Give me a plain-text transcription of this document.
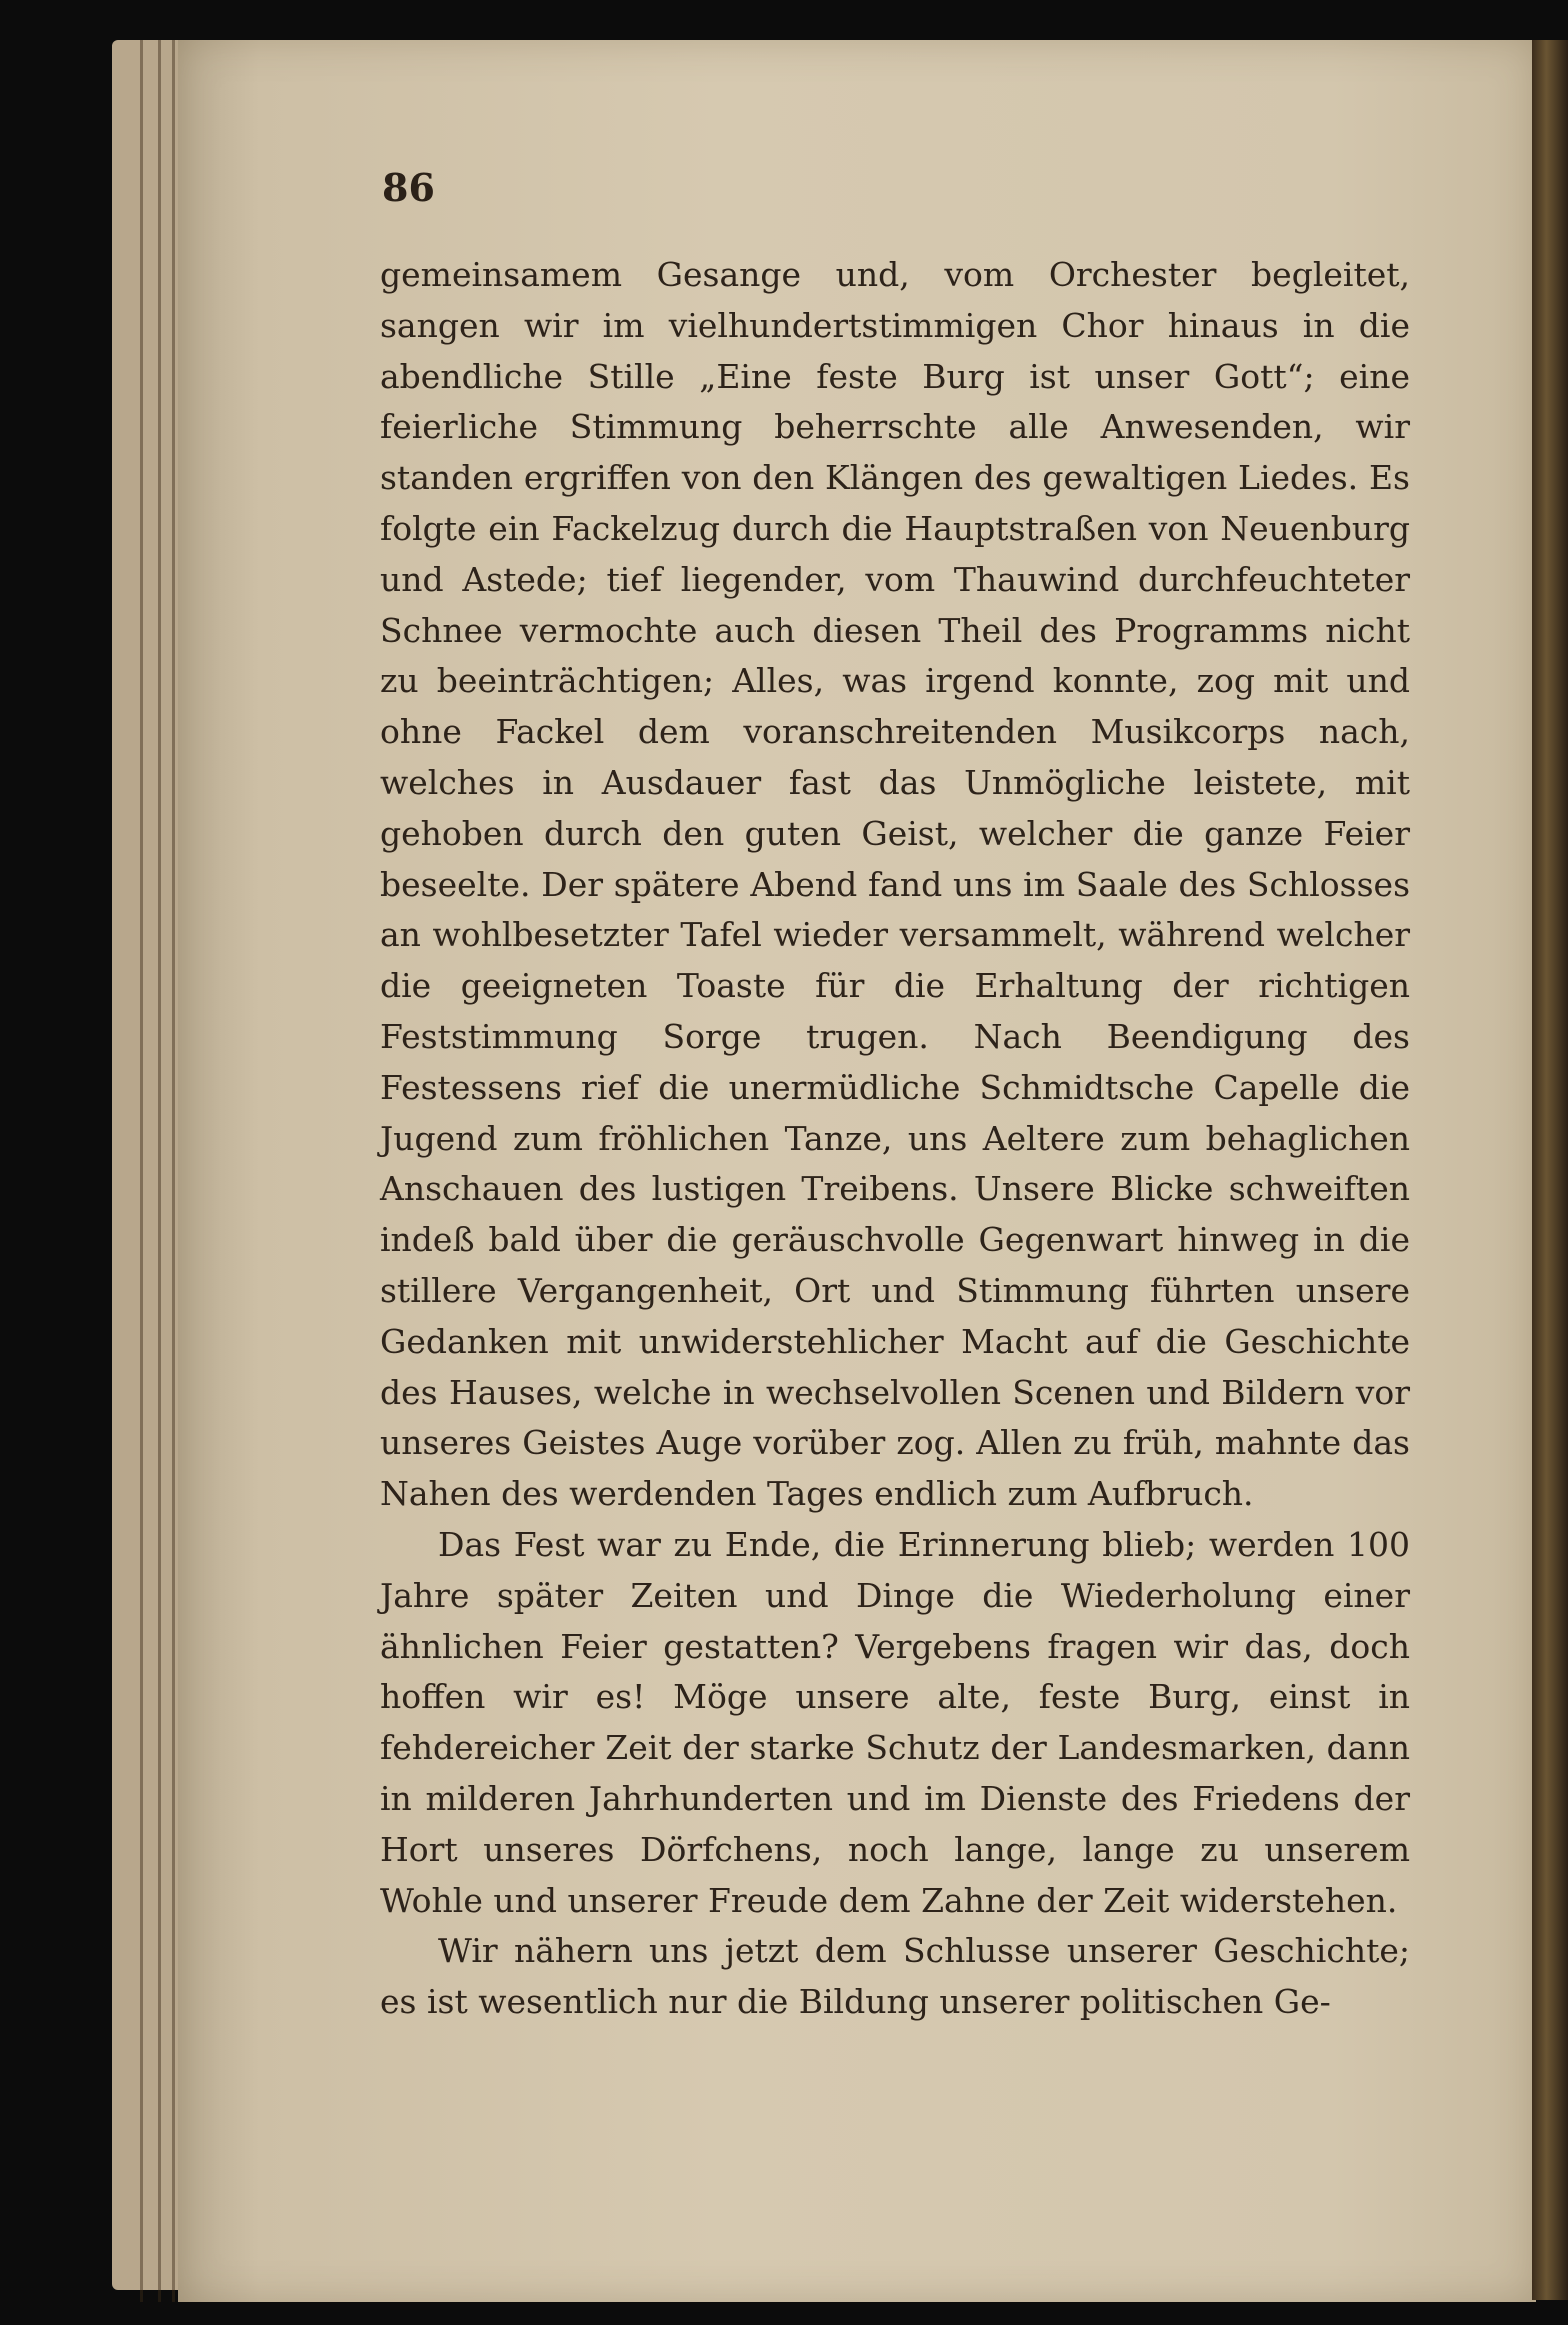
86

gemeinsamem Gesange und, vom Orchester begleitet, sangen wir im vielhundertstimmigen Chor hinaus in die abendliche Stille „Eine feste Burg ist unser Gott“; eine feierliche Stimmung beherrschte alle Anwesenden, wir standen ergriffen von den Klängen des gewaltigen Liedes. Es folgte ein Fackelzug durch die Hauptstraßen von Neuenburg und Astede; tief liegender, vom Thauwind durchfeuchteter Schnee vermochte auch diesen Theil des Programms nicht zu beeinträchtigen; Alles, was irgend konnte, zog mit und ohne Fackel dem voranschreitenden Musikcorps nach, welches in Ausdauer fast das Unmögliche leistete, mit gehoben durch den guten Geist, welcher die ganze Feier beseelte. Der spätere Abend fand uns im Saale des Schlosses an wohlbesetzter Tafel wieder versammelt, während welcher die geeigneten Toaste für die Erhaltung der richtigen Feststimmung Sorge trugen. Nach Beendigung des Festessens rief die unermüdliche Schmidtsche Capelle die Jugend zum fröhlichen Tanze, uns Aeltere zum behaglichen Anschauen des lustigen Treibens. Unsere Blicke schweiften indeß bald über die geräuschvolle Gegenwart hinweg in die stillere Vergangenheit, Ort und Stimmung führten unsere Gedanken mit unwiderstehlicher Macht auf die Geschichte des Hauses, welche in wechselvollen Scenen und Bildern vor unseres Geistes Auge vorüber zog. Allen zu früh, mahnte das Nahen des werdenden Tages endlich zum Aufbruch.

Das Fest war zu Ende, die Erinnerung blieb; werden 100 Jahre später Zeiten und Dinge die Wiederholung einer ähnlichen Feier gestatten? Vergebens fragen wir das, doch hoffen wir es! Möge unsere alte, feste Burg, einst in fehdereicher Zeit der starke Schutz der Landesmarken, dann in milderen Jahrhunderten und im Dienste des Friedens der Hort unseres Dörfchens, noch lange, lange zu unserem Wohle und unserer Freude dem Zahne der Zeit widerstehen.

Wir nähern uns jetzt dem Schlusse unserer Geschichte; es ist wesentlich nur die Bildung unserer politischen Ge-
